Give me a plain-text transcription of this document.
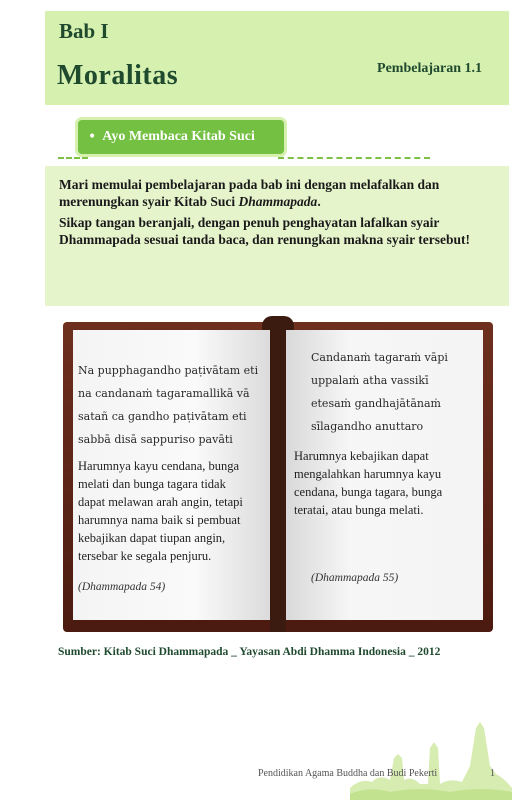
Bab I
Moralitas	Pembelajaran 1.1
• Ayo Membaca Kitab Suci

Mari memulai pembelajaran pada bab ini dengan melafalkan dan merenungkan syair Kitab Suci Dhammapada.

Sikap tangan beranjali, dengan penuh penghayatan lafalkan syair Dhammapada sesuai tanda baca, dan renungkan makna syair tersebut!

Na pupphagandho paṭivātam eti
na candanaṁ tagaramallikā vā
satañ ca gandho paṭivātam eti
sabbā disā sappuriso pavāti
Harumnya kayu cendana, bunga
melati dan bunga tagara tidak
dapat melawan arah angin, tetapi
harumnya nama baik si pembuat
kebajikan dapat tiupan angin,
tersebar ke segala penjuru.
(Dhammapada 54)
Candanaṁ tagaraṁ vāpi
uppalaṁ atha vassikī
etesaṁ gandhajātānaṁ
sīlagandho anuttaro
Harumnya kebajikan dapat
mengalahkan harumnya kayu
cendana, bunga tagara, bunga
teratai, atau bunga melati.
(Dhammapada 55)
Sumber: Kitab Suci Dhammapada _ Yayasan Abdi Dhamma Indonesia _ 2012
Pendidikan Agama Buddha dan Budi Pekerti	1
